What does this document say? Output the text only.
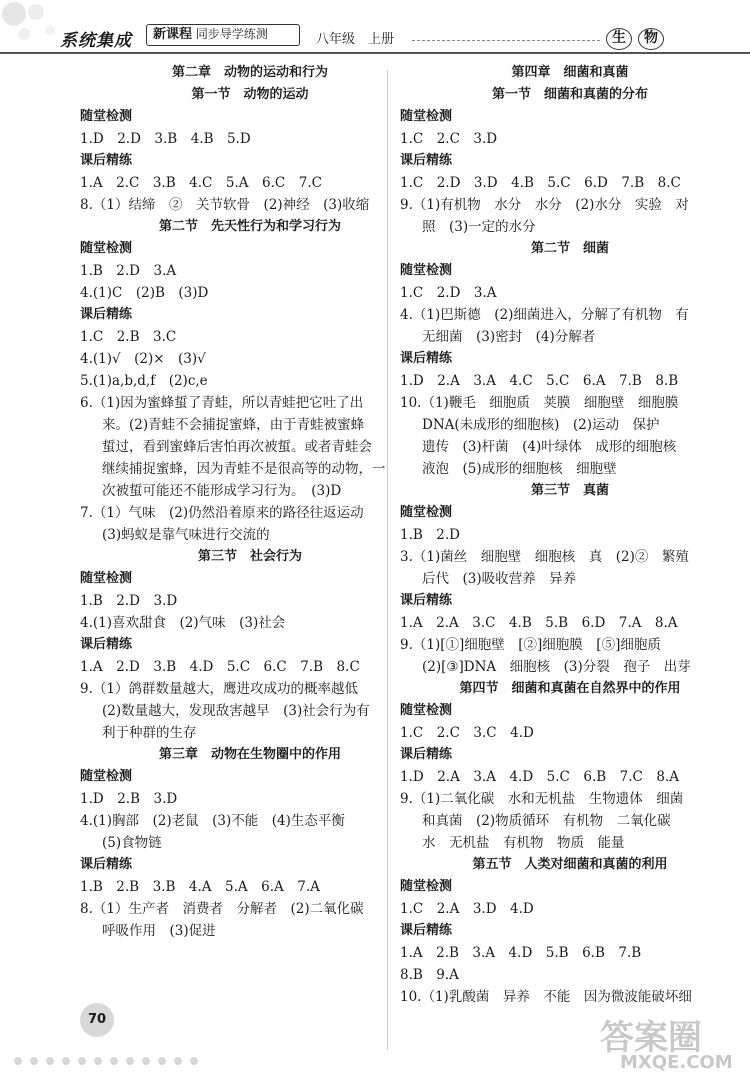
系统集成	新课程 同步导学练测	八年级　上册	生 物
第二章　动物的运动和行为
第一节　动物的运动
随堂检测
1.D　2.D　3.B　4.B　5.D
课后精练
1.A　2.C　3.B　4.C　5.A　6.C　7.C
8.（1）结缔　②　关节软骨　(2)神经　(3)收缩
第二节　先天性行为和学习行为
随堂检测
1.B　2.D　3.A
4.(1)C　(2)B　(3)D
课后精练
1.C　2.B　3.C
4.(1)√　(2)×　(3)√
5.(1)a,b,d,f　(2)c,e
6.（1)因为蜜蜂蜇了青蛙，所以青蛙把它吐了出
来。(2)青蛙不会捕捉蜜蜂，由于青蛙被蜜蜂
蜇过，看到蜜蜂后害怕再次被蜇。或者青蛙会
继续捕捉蜜蜂，因为青蛙不是很高等的动物，一
次被蜇可能还不能形成学习行为。　(3)D
7.（1）气味　(2)仍然沿着原来的路径往返运动
(3)蚂蚁是靠气味进行交流的
第三节　社会行为
随堂检测
1.B　2.D　3.D
4.(1)喜欢甜食　(2)气味　(3)社会
课后精练
1.A　2.D　3.B　4.D　5.C　6.C　7.B　8.C
9.（1）鸽群数量越大，鹰进攻成功的概率越低
(2)数量越大，发现敌害越早　(3)社会行为有
利于种群的生存
第三章　动物在生物圈中的作用
随堂检测
1.D　2.B　3.D
4.(1)胸部　(2)老鼠　(3)不能　(4)生态平衡
(5)食物链
课后精练
1.B　2.B　3.B　4.A　5.A　6.A　7.A
8.（1）生产者　消费者　分解者　(2)二氧化碳
呼吸作用　(3)促进
第四章　细菌和真菌
第一节　细菌和真菌的分布
随堂检测
1.C　2.C　3.D
课后精练
1.C　2.D　3.D　4.B　5.C　6.D　7.B　8.C
9.（1)有机物　水分　水分　(2)水分　实验　对
照　(3)一定的水分
第二节　细菌
随堂检测
1.C　2.D　3.A
4.（1)巴斯德　(2)细菌进入，分解了有机物　有
无细菌　(3)密封　(4)分解者
课后精练
1.D　2.A　3.A　4.C　5.C　6.A　7.B　8.B
10.（1)鞭毛　细胞质　荚膜　细胞壁　细胞膜
DNA(未成形的细胞核)　(2)运动　保护
遗传　(3)杆菌　(4)叶绿体　成形的细胞核
液泡　(5)成形的细胞核　细胞壁
第三节　真菌
随堂检测
1.B　2.D
3.（1)菌丝　细胞壁　细胞核　真　(2)②　繁殖
后代　(3)吸收营养　异养
课后精练
1.A　2.A　3.C　4.B　5.B　6.D　7.A　8.A
9.（1)[①]细胞壁　[②]细胞膜　[⑤]细胞质
(2)[③]DNA　细胞核　(3)分裂　孢子　出芽
第四节　细菌和真菌在自然界中的作用
随堂检测
1.C　2.C　3.C　4.D
课后精练
1.D　2.A　3.A　4.D　5.C　6.B　7.C　8.A
9.（1)二氧化碳　水和无机盐　生物遗体　细菌
和真菌　(2)物质循环　有机物　二氧化碳
水　无机盐　有机物　物质　能量
第五节　人类对细菌和真菌的利用
随堂检测
1.C　2.A　3.D　4.D
课后精练
1.A　2.B　3.A　4.D　5.B　6.B　7.B
8.B　9.A
10.（1)乳酸菌　异养　不能　因为微波能破坏细
70	答案圈
MXQE.COM
